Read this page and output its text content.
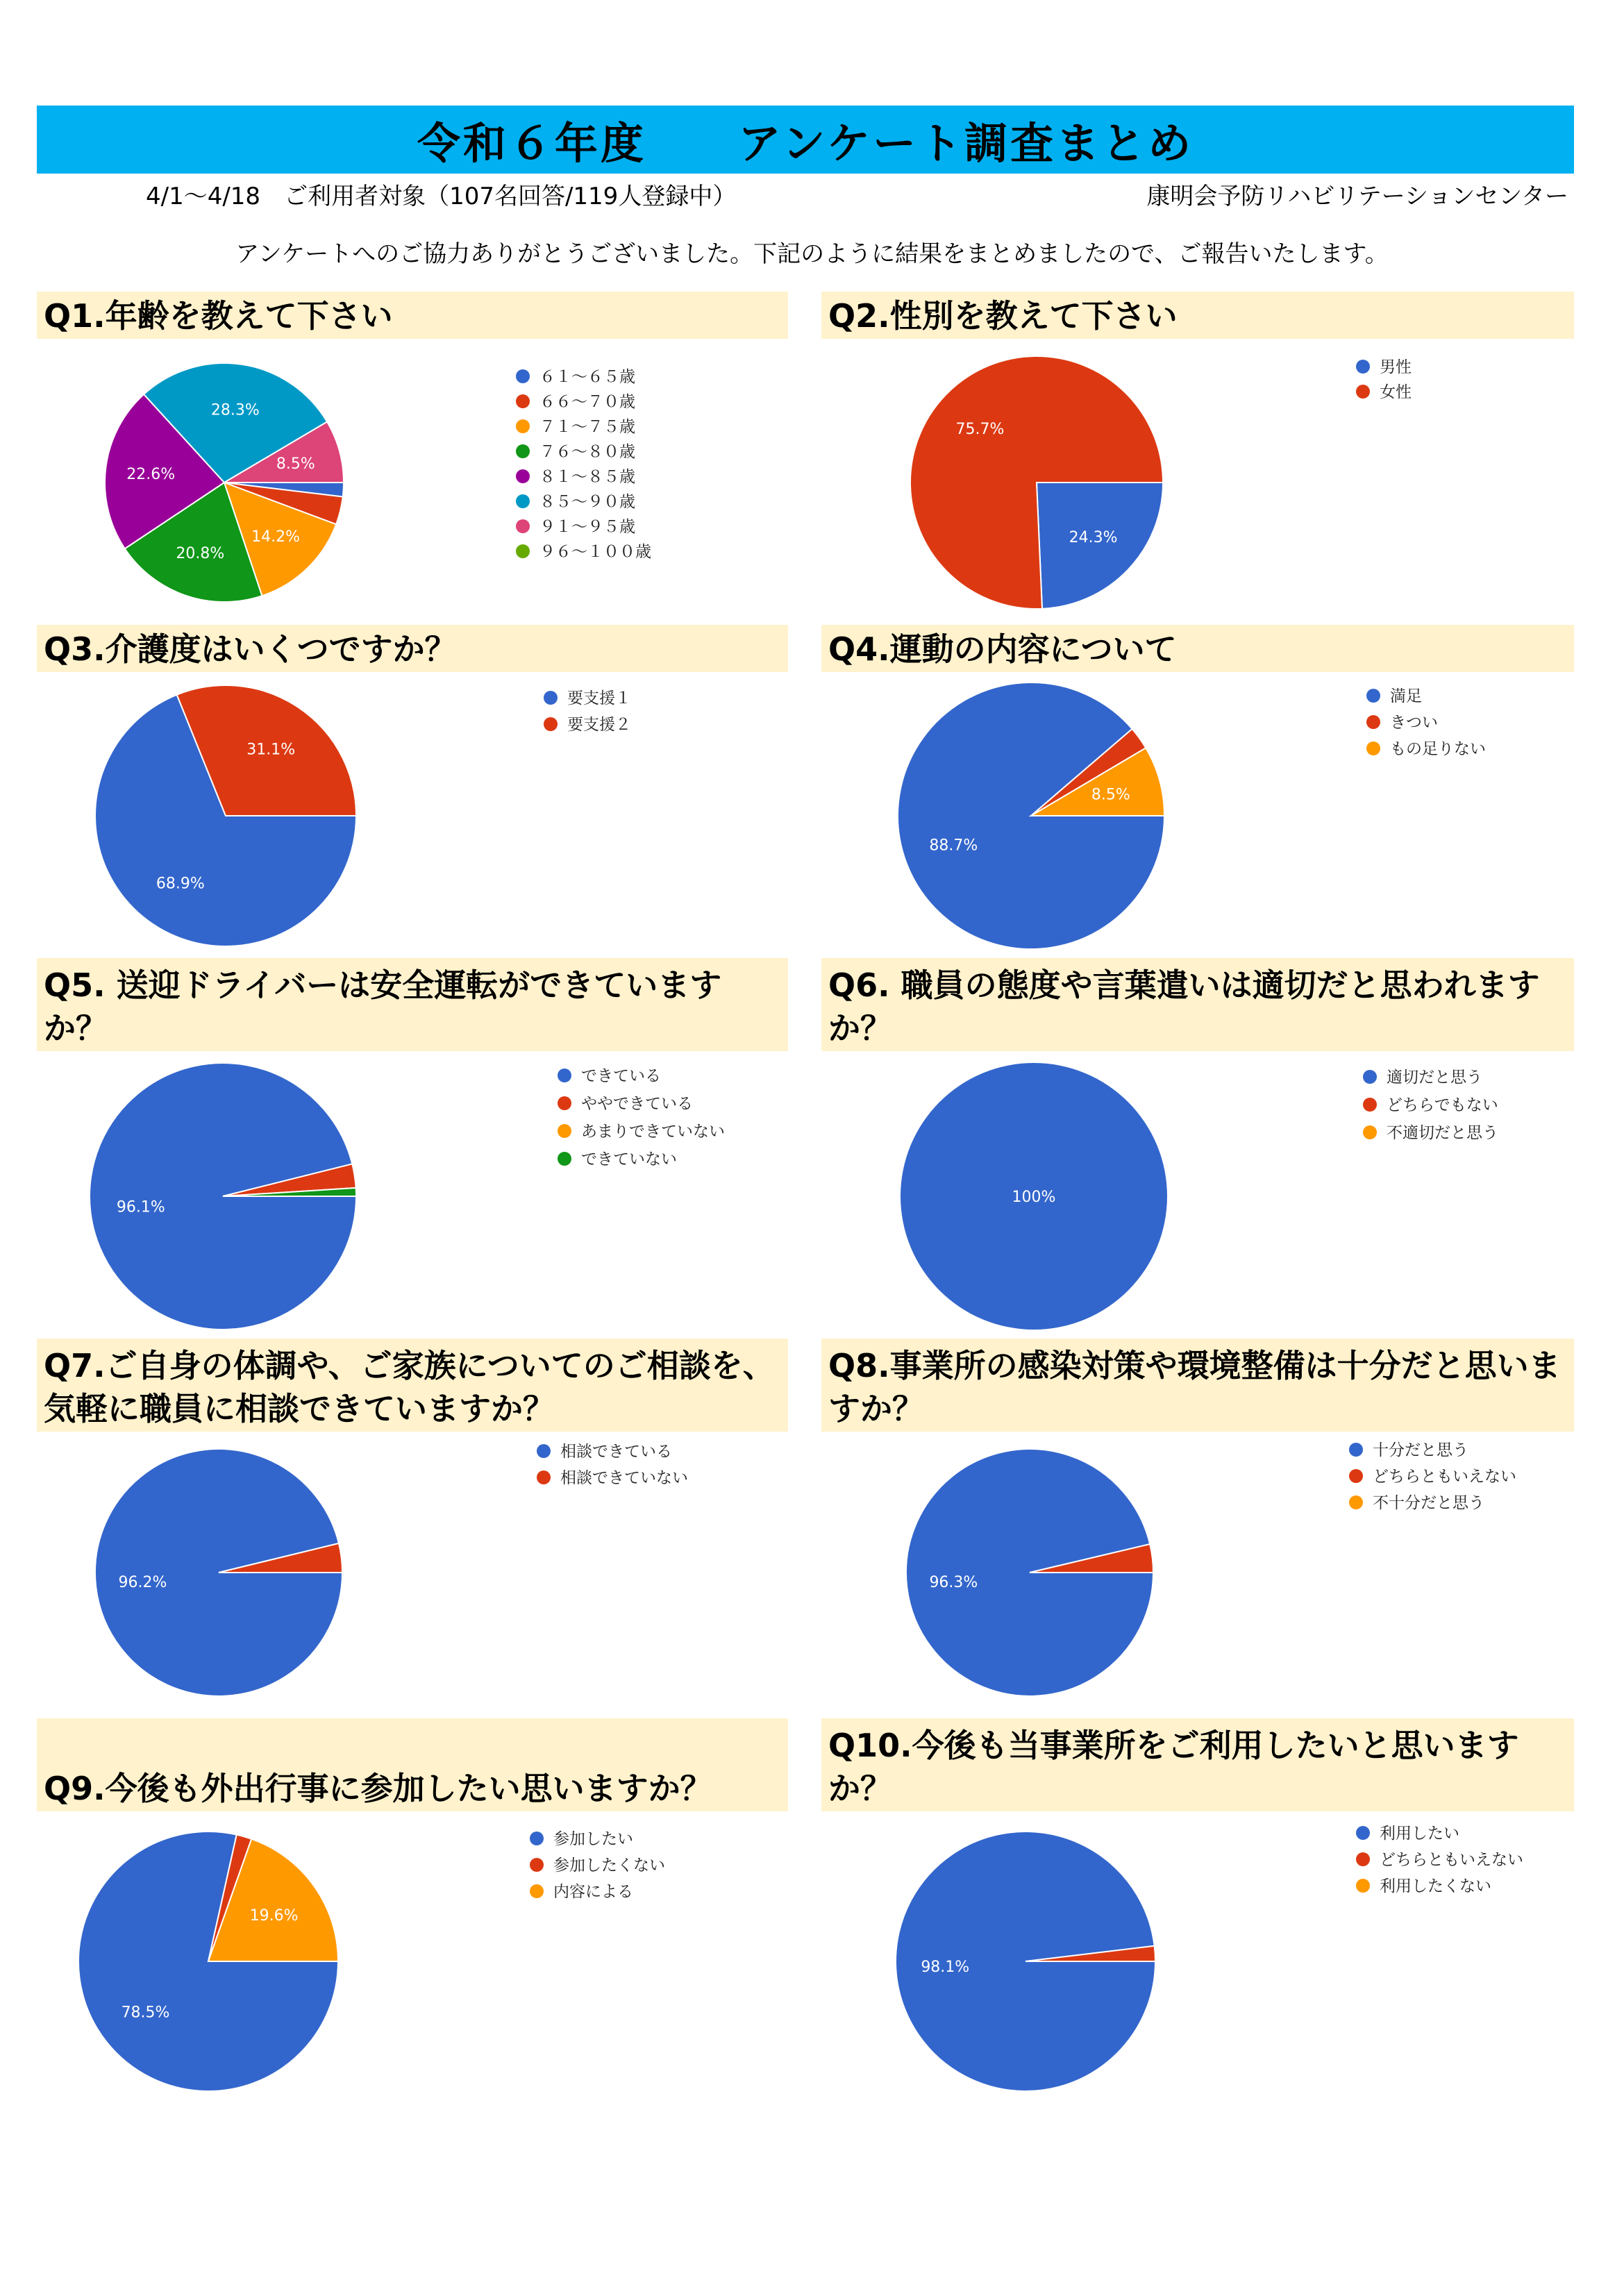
令和６年度　　アンケート調査まとめ
4/1～4/18　ご利用者対象（107名回答/119人登録中）	康明会予防リハビリテーションセンター
アンケートへのご協力ありがとうございました。下記のように結果をまとめましたので、ご報告いたします。
Q1.年齢を教えて下さい	Q2.性別を教えて下さい
Q3.介護度はいくつですか？	Q4.運動の内容について
Q5. 送迎ドライバーは安全運転ができていますか？
Q6. 職員の態度や言葉遣いは適切だと思われますか？
Q7.ご自身の体調や、ご家族についてのご相談を、気軽に職員に相談できていますか？
Q8.事業所の感染対策や環境整備は十分だと思いますか？
Q9.今後も外出行事に参加したい思いますか？
Q10.今後も当事業所をご利用したいと思いますか？
14.2%
20.8%
22.6%
28.3%
8.5%
６１～６５歳
６６～７０歳
７１～７５歳
７６～８０歳
８１～８５歳
８５～９０歳
９１～９５歳
９６～１００歳
24.3%
75.7%
男性
女性
68.9%
31.1%
要支援１
要支援２
88.7%
8.5%
満足
きつい
もの足りない
96.1%
できている
ややできている
あまりできていない
できていない
100%
適切だと思う
どちらでもない
不適切だと思う
96.2%
相談できている
相談できていない
96.3%
十分だと思う
どちらともいえない
不十分だと思う
78.5%
19.6%
参加したい
参加したくない
内容による
98.1%
利用したい
どちらともいえない
利用したくない
